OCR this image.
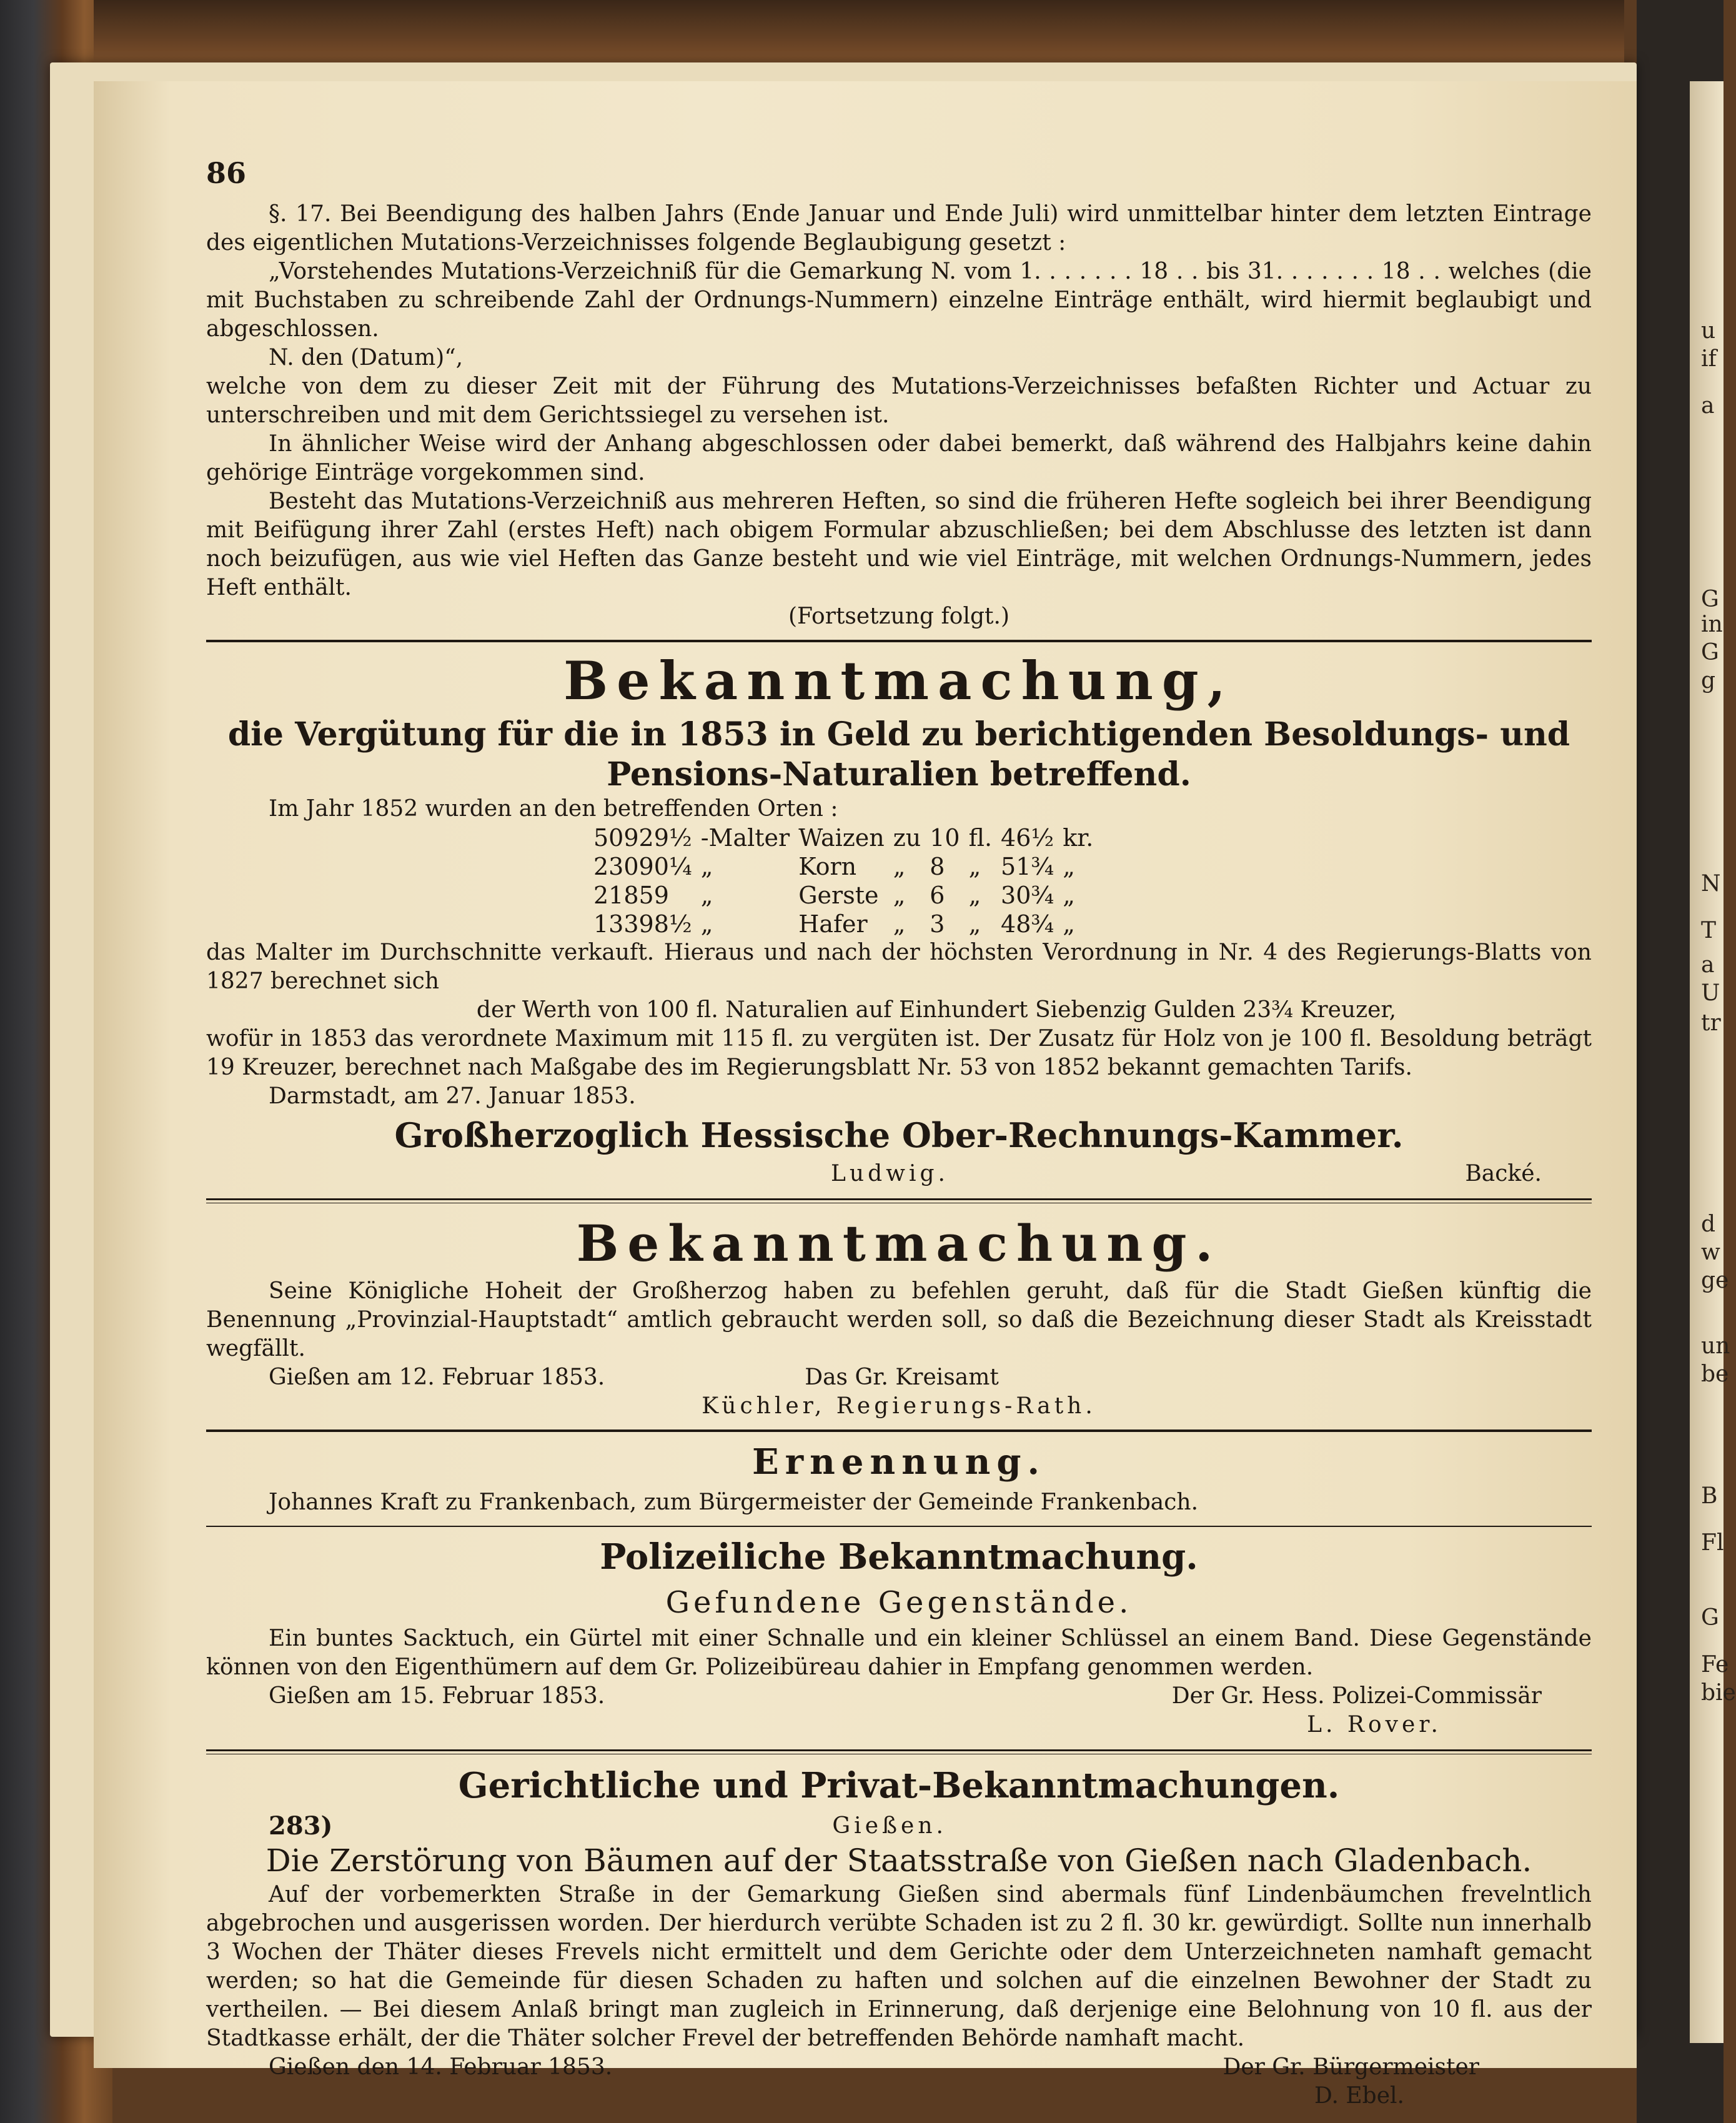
u
if
a
G
in
G
g
N
T
a
U
tr
d
w
ge
un
be
B
Fl
G
Fe
bie
86

§. 17. Bei Beendigung des halben Jahrs (Ende Januar und Ende Juli) wird unmittelbar hinter dem letzten Eintrage des eigentlichen Mutations-Verzeichnisses folgende Beglaubigung gesetzt :

„Vorstehendes Mutations-Verzeichniß für die Gemarkung N. vom 1. . . . . . . 18 . . bis 31. . . . . . . 18 . . welches (die mit Buchstaben zu schreibende Zahl der Ordnungs-Nummern) einzelne Einträge enthält, wird hiermit beglaubigt und abgeschlossen.

N. den (Datum)“,

welche von dem zu dieser Zeit mit der Führung des Mutations-Verzeichnisses befaßten Richter und Actuar zu unterschreiben und mit dem Gerichtssiegel zu versehen ist.

In ähnlicher Weise wird der Anhang abgeschlossen oder dabei bemerkt, daß während des Halbjahrs keine dahin gehörige Einträge vorgekommen sind.

Besteht das Mutations-Verzeichniß aus mehreren Heften, so sind die früheren Hefte sogleich bei ihrer Beendigung mit Beifügung ihrer Zahl (erstes Heft) nach obigem Formular abzuschließen; bei dem Abschlusse des letzten ist dann noch beizufügen, aus wie viel Heften das Ganze besteht und wie viel Einträge, mit welchen Ordnungs-Nummern, jedes Heft enthält.

(Fortsetzung folgt.)

Bekanntmachung,

die Vergütung für die in 1853 in Geld zu berichtigenden Besoldungs- und Pensions-Naturalien betreffend.

Im Jahr 1852 wurden an den betreffenden Orten :

50929½	-Malter	Waizen	zu	10	fl.	46½	kr.
23090¼	„	Korn	„	8	„	51¾	„
21859	„	Gerste	„	6	„	30¾	„
13398½	„	Hafer	„	3	„	48¾	„

das Malter im Durchschnitte verkauft. Hieraus und nach der höchsten Verordnung in Nr. 4 des Regierungs-Blatts von 1827 berechnet sich

der Werth von 100 fl. Naturalien auf Einhundert Siebenzig Gulden 23¾ Kreuzer,

wofür in 1853 das verordnete Maximum mit 115 fl. zu vergüten ist. Der Zusatz für Holz von je 100 fl. Besoldung beträgt 19 Kreuzer, berechnet nach Maßgabe des im Regierungsblatt Nr. 53 von 1852 bekannt gemachten Tarifs.

Darmstadt, am 27. Januar 1853.

Großherzoglich Hessische Ober-Rechnungs-Kammer.
Ludwig.	Backé.
Bekanntmachung.

Seine Königliche Hoheit der Großherzog haben zu befehlen geruht, daß für die Stadt Gießen künftig die Benennung „Provinzial-Hauptstadt“ amtlich gebraucht werden soll, so daß die Bezeichnung dieser Stadt als Kreisstadt wegfällt.

Gießen am 12. Februar 1853.	Das Gr. Kreisamt

Küchler, Regierungs-Rath.

Ernennung.

Johannes Kraft zu Frankenbach, zum Bürgermeister der Gemeinde Frankenbach.

Polizeiliche Bekanntmachung.
Gefundene Gegenstände.

Ein buntes Sacktuch, ein Gürtel mit einer Schnalle und ein kleiner Schlüssel an einem Band. Diese Gegenstände können von den Eigenthümern auf dem Gr. Polizeibüreau dahier in Empfang genommen werden.

Gießen am 15. Februar 1853.	Der Gr. Hess. Polizei-Commissär

L. Rover.

Gerichtliche und Privat-Bekanntmachungen.
283)	Gießen.

Die Zerstörung von Bäumen auf der Staatsstraße von Gießen nach Gladenbach.

Auf der vorbemerkten Straße in der Gemarkung Gießen sind abermals fünf Lindenbäumchen frevelntlich abgebrochen und ausgerissen worden. Der hierdurch verübte Schaden ist zu 2 fl. 30 kr. gewürdigt. Sollte nun innerhalb 3 Wochen der Thäter dieses Frevels nicht ermittelt und dem Gerichte oder dem Unterzeichneten namhaft gemacht werden; so hat die Gemeinde für diesen Schaden zu haften und solchen auf die einzelnen Bewohner der Stadt zu vertheilen. — Bei diesem Anlaß bringt man zugleich in Erinnerung, daß derjenige eine Belohnung von 10 fl. aus der Stadtkasse erhält, der die Thäter solcher Frevel der betreffenden Behörde namhaft macht.

Gießen den 14. Februar 1853.	Der Gr. Bürgermeister

D. Ebel.
